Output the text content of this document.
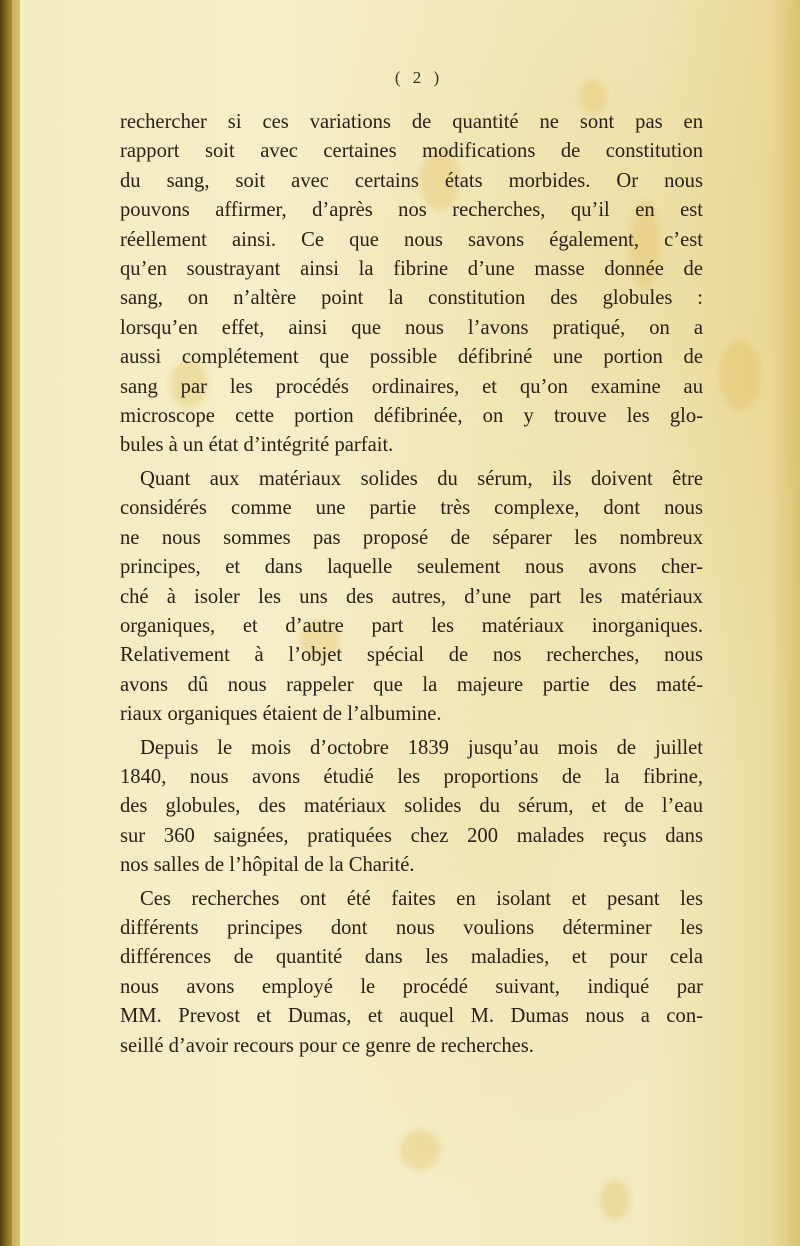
( 2 )

rechercher si ces variations de quantité ne sont pas en
rapport soit avec certaines modifications de constitution
du sang, soit avec certains états morbides. Or nous
pouvons affirmer, d’après nos recherches, qu’il en est
réellement ainsi. Ce que nous savons également, c’est
qu’en soustrayant ainsi la fibrine d’une masse donnée de
sang, on n’altère point la constitution des globules :
lorsqu’en effet, ainsi que nous l’avons pratiqué, on a
aussi complétement que possible défibriné une portion de
sang par les procédés ordinaires, et qu’on examine au
microscope cette portion défibrinée, on y trouve les glo-
bules à un état d’intégrité parfait.

Quant aux matériaux solides du sérum, ils doivent être
considérés comme une partie très complexe, dont nous
ne nous sommes pas proposé de séparer les nombreux
principes, et dans laquelle seulement nous avons cher-
ché à isoler les uns des autres, d’une part les matériaux
organiques, et d’autre part les matériaux inorganiques.
Relativement à l’objet spécial de nos recherches, nous
avons dû nous rappeler que la majeure partie des maté-
riaux organiques étaient de l’albumine.

Depuis le mois d’octobre 1839 jusqu’au mois de juillet
1840, nous avons étudié les proportions de la fibrine,
des globules, des matériaux solides du sérum, et de l’eau
sur 360 saignées, pratiquées chez 200 malades reçus dans
nos salles de l’hôpital de la Charité.

Ces recherches ont été faites en isolant et pesant les
différents principes dont nous voulions déterminer les
différences de quantité dans les maladies, et pour cela
nous avons employé le procédé suivant, indiqué par
MM. Prevost et Dumas, et auquel M. Dumas nous a con-
seillé d’avoir recours pour ce genre de recherches.
